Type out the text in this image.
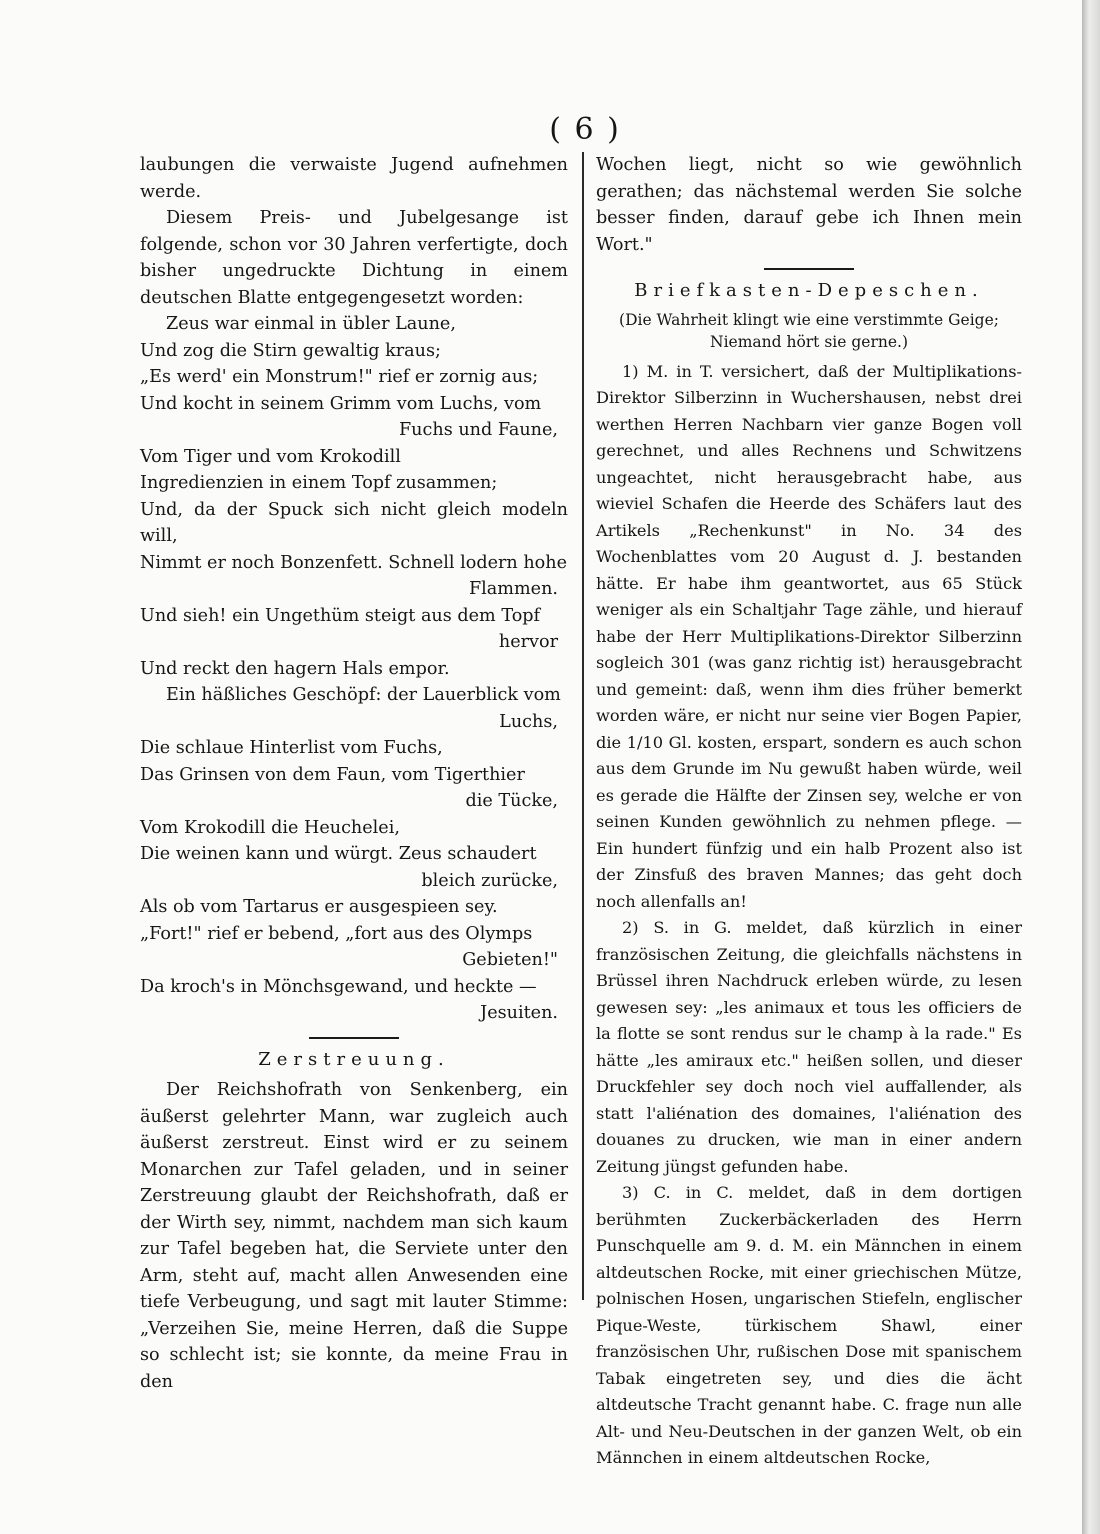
( 6 )

laubungen die verwaiste Jugend aufnehmen werde.

Diesem Preis- und Jubelgesange ist folgende, schon vor 30 Jahren verfertigte, doch bisher ungedruckte Dichtung in einem deutschen Blatte entgegengesetzt worden:

Zeus war einmal in übler Laune,
Und zog die Stirn gewaltig kraus;
„Es werd' ein Monstrum!" rief er zornig aus;
Und kocht in seinem Grimm vom Luchs, vom
Fuchs und Faune,
Vom Tiger und vom Krokodill
Ingredienzien in einem Topf zusammen;
Und, da der Spuck sich nicht gleich modeln will,
Nimmt er noch Bonzenfett. Schnell lodern hohe
Flammen.
Und sieh! ein Ungethüm steigt aus dem Topf
hervor
Und reckt den hagern Hals empor.
Ein häßliches Geschöpf: der Lauerblick vom
Luchs,
Die schlaue Hinterlist vom Fuchs,
Das Grinsen von dem Faun, vom Tigerthier
die Tücke,
Vom Krokodill die Heuchelei,
Die weinen kann und würgt. Zeus schaudert
bleich zurücke,
Als ob vom Tartarus er ausgespieen sey.
„Fort!" rief er bebend, „fort aus des Olymps
Gebieten!"
Da kroch's in Mönchsgewand, und heckte —
Jesuiten.
Zerstreuung.

Der Reichshofrath von Senkenberg, ein äußerst gelehrter Mann, war zugleich auch äußerst zerstreut. Einst wird er zu seinem Monarchen zur Tafel geladen, und in seiner Zerstreuung glaubt der Reichshofrath, daß er der Wirth sey, nimmt, nachdem man sich kaum zur Tafel begeben hat, die Serviete unter den Arm, steht auf, macht allen Anwesenden eine tiefe Verbeugung, und sagt mit lauter Stimme: „Verzeihen Sie, meine Herren, daß die Suppe so schlecht ist; sie konnte, da meine Frau in den

Wochen liegt, nicht so wie gewöhnlich gerathen; das nächstemal werden Sie solche besser finden, darauf gebe ich Ihnen mein Wort."

Briefkasten-Depeschen.
(Die Wahrheit klingt wie eine verstimmte Geige; Niemand hört sie gerne.)

1) M. in T. versichert, daß der Multiplikations-Direktor Silberzinn in Wuchershausen, nebst drei werthen Herren Nachbarn vier ganze Bogen voll gerechnet, und alles Rechnens und Schwitzens ungeachtet, nicht herausgebracht habe, aus wieviel Schafen die Heerde des Schäfers laut des Artikels „Rechenkunst" in No. 34 des Wochenblattes vom 20 August d. J. bestanden hätte. Er habe ihm geantwortet, aus 65 Stück weniger als ein Schaltjahr Tage zähle, und hierauf habe der Herr Multiplikations-Direktor Silberzinn sogleich 301 (was ganz richtig ist) herausgebracht und gemeint: daß, wenn ihm dies früher bemerkt worden wäre, er nicht nur seine vier Bogen Papier, die 1/10 Gl. kosten, erspart, sondern es auch schon aus dem Grunde im Nu gewußt haben würde, weil es gerade die Hälfte der Zinsen sey, welche er von seinen Kunden gewöhnlich zu nehmen pflege. — Ein hundert fünfzig und ein halb Prozent also ist der Zinsfuß des braven Mannes; das geht doch noch allenfalls an!

2) S. in G. meldet, daß kürzlich in einer französischen Zeitung, die gleichfalls nächstens in Brüssel ihren Nachdruck erleben würde, zu lesen gewesen sey: „les animaux et tous les officiers de la flotte se sont rendus sur le champ à la rade." Es hätte „les amiraux etc." heißen sollen, und dieser Druckfehler sey doch noch viel auffallender, als statt l'aliénation des domaines, l'aliénation des douanes zu drucken, wie man in einer andern Zeitung jüngst gefunden habe.

3) C. in C. meldet, daß in dem dortigen berühmten Zuckerbäckerladen des Herrn Punschquelle am 9. d. M. ein Männchen in einem altdeutschen Rocke, mit einer griechischen Mütze, polnischen Hosen, ungarischen Stiefeln, englischer Pique-Weste, türkischem Shawl, einer französischen Uhr, rußischen Dose mit spanischem Tabak eingetreten sey, und dies die ächt altdeutsche Tracht genannt habe. C. frage nun alle Alt- und Neu-Deutschen in der ganzen Welt, ob ein Männchen in einem altdeutschen Rocke,
